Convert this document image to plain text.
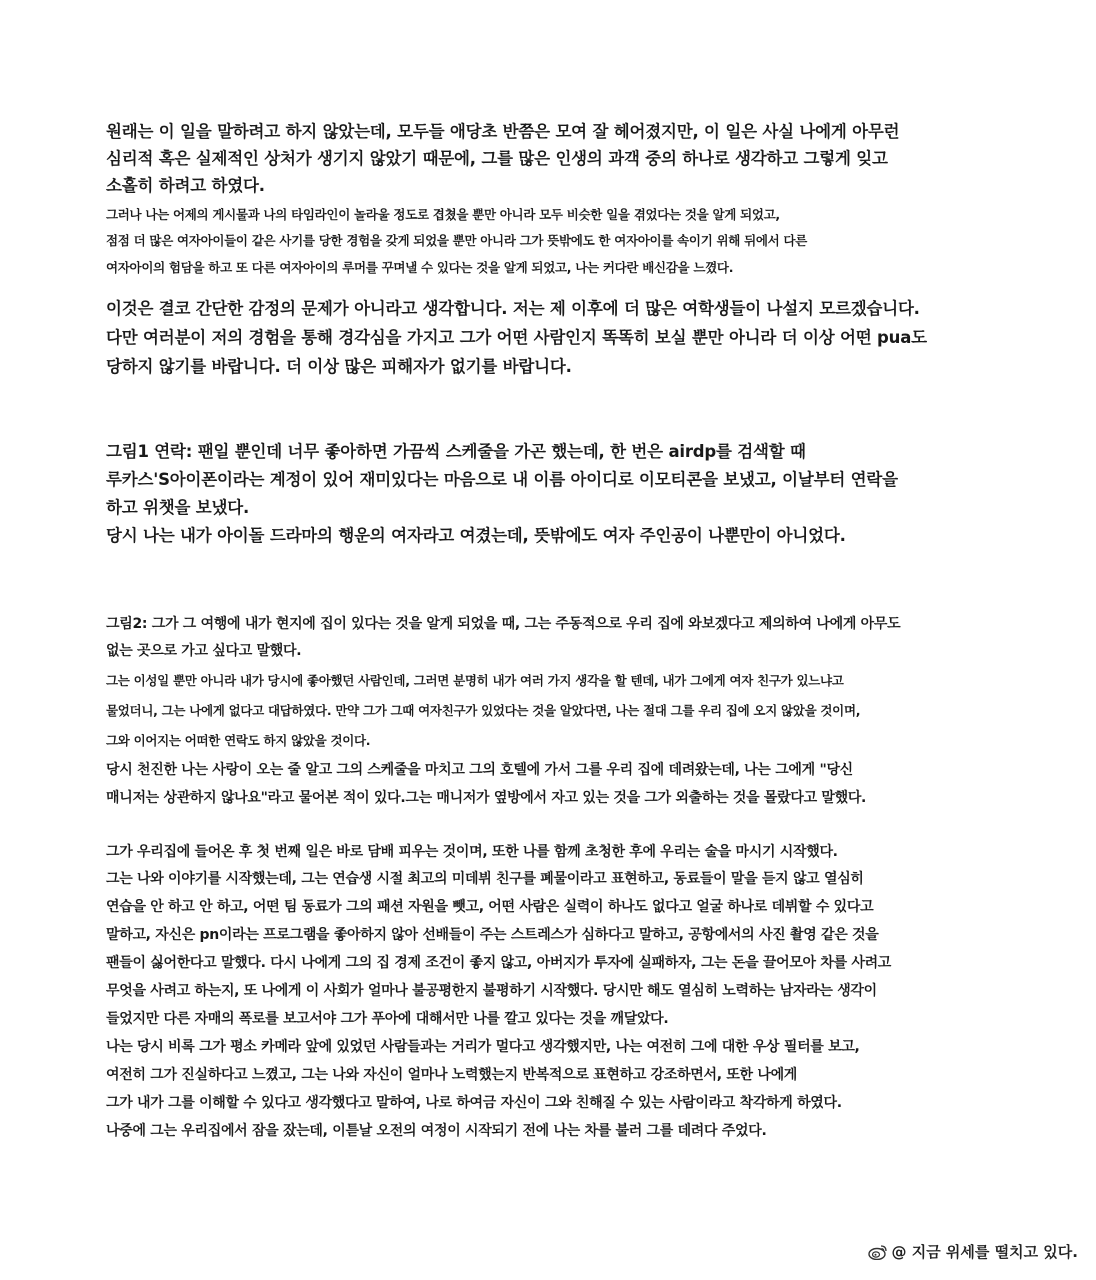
원래는 이 일을 말하려고 하지 않았는데, 모두들 애당초 반쯤은 모여 잘 헤어졌지만, 이 일은 사실 나에게 아무런
심리적 혹은 실제적인 상처가 생기지 않았기 때문에, 그를 많은 인생의 과객 중의 하나로 생각하고 그렇게 잊고
소홀히 하려고 하였다.
그러나 나는 어제의 게시물과 나의 타임라인이 놀라울 정도로 겹쳤을 뿐만 아니라 모두 비슷한 일을 겪었다는 것을 알게 되었고,
점점 더 많은 여자아이들이 같은 사기를 당한 경험을 갖게 되었을 뿐만 아니라 그가 뜻밖에도 한 여자아이를 속이기 위해 뒤에서 다른
여자아이의 험담을 하고 또 다른 여자아이의 루머를 꾸며낼 수 있다는 것을 알게 되었고, 나는 커다란 배신감을 느꼈다.
이것은 결코 간단한 감정의 문제가 아니라고 생각합니다. 저는 제 이후에 더 많은 여학생들이 나설지 모르겠습니다.
다만 여러분이 저의 경험을 통해 경각심을 가지고 그가 어떤 사람인지 똑똑히 보실 뿐만 아니라 더 이상 어떤 pua도
당하지 않기를 바랍니다. 더 이상 많은 피해자가 없기를 바랍니다.
그림1 연락: 팬일 뿐인데 너무 좋아하면 가끔씩 스케줄을 가곤 했는데, 한 번은 airdp를 검색할 때
루카스'S아이폰이라는 계정이 있어 재미있다는 마음으로 내 이름 아이디로 이모티콘을 보냈고, 이날부터 연락을
하고 위챗을 보냈다.
당시 나는 내가 아이돌 드라마의 행운의 여자라고 여겼는데, 뜻밖에도 여자 주인공이 나뿐만이 아니었다.
그림2: 그가 그 여행에 내가 현지에 집이 있다는 것을 알게 되었을 때, 그는 주동적으로 우리 집에 와보겠다고 제의하여 나에게 아무도
없는 곳으로 가고 싶다고 말했다.
그는 이성일 뿐만 아니라 내가 당시에 좋아했던 사람인데, 그러면 분명히 내가 여러 가지 생각을 할 텐데, 내가 그에게 여자 친구가 있느냐고
물었더니, 그는 나에게 없다고 대답하였다. 만약 그가 그때 여자친구가 있었다는 것을 알았다면, 나는 절대 그를 우리 집에 오지 않았을 것이며,
그와 이어지는 어떠한 연락도 하지 않았을 것이다.
당시 천진한 나는 사랑이 오는 줄 알고 그의 스케줄을 마치고 그의 호텔에 가서 그를 우리 집에 데려왔는데, 나는 그에게 "당신
매니저는 상관하지 않나요"라고 물어본 적이 있다.그는 매니저가 옆방에서 자고 있는 것을 그가 외출하는 것을 몰랐다고 말했다.
그가 우리집에 들어온 후 첫 번째 일은 바로 담배 피우는 것이며, 또한 나를 함께 초청한 후에 우리는 술을 마시기 시작했다.
그는 나와 이야기를 시작했는데, 그는 연습생 시절 최고의 미데뷔 친구를 폐물이라고 표현하고, 동료들이 말을 듣지 않고 열심히
연습을 안 하고 안 하고, 어떤 팀 동료가 그의 패션 자원을 뺏고, 어떤 사람은 실력이 하나도 없다고 얼굴 하나로 데뷔할 수 있다고
말하고, 자신은 pn이라는 프로그램을 좋아하지 않아 선배들이 주는 스트레스가 심하다고 말하고, 공항에서의 사진 촬영 같은 것을
팬들이 싫어한다고 말했다. 다시 나에게 그의 집 경제 조건이 좋지 않고, 아버지가 투자에 실패하자, 그는 돈을 끌어모아 차를 사려고
무엇을 사려고 하는지, 또 나에게 이 사회가 얼마나 불공평한지 불평하기 시작했다. 당시만 해도 열심히 노력하는 남자라는 생각이
들었지만 다른 자매의 폭로를 보고서야 그가 푸아에 대해서만 나를 깔고 있다는 것을 깨달았다.
나는 당시 비록 그가 평소 카메라 앞에 있었던 사람들과는 거리가 멀다고 생각했지만, 나는 여전히 그에 대한 우상 필터를 보고,
여전히 그가 진실하다고 느꼈고, 그는 나와 자신이 얼마나 노력했는지 반복적으로 표현하고 강조하면서, 또한 나에게
그가 내가 그를 이해할 수 있다고 생각했다고 말하여, 나로 하여금 자신이 그와 친해질 수 있는 사람이라고 착각하게 하였다.
나중에 그는 우리집에서 잠을 잤는데, 이튿날 오전의 여정이 시작되기 전에 나는 차를 불러 그를 데려다 주었다.
@ 지금 위세를 떨치고 있다.
